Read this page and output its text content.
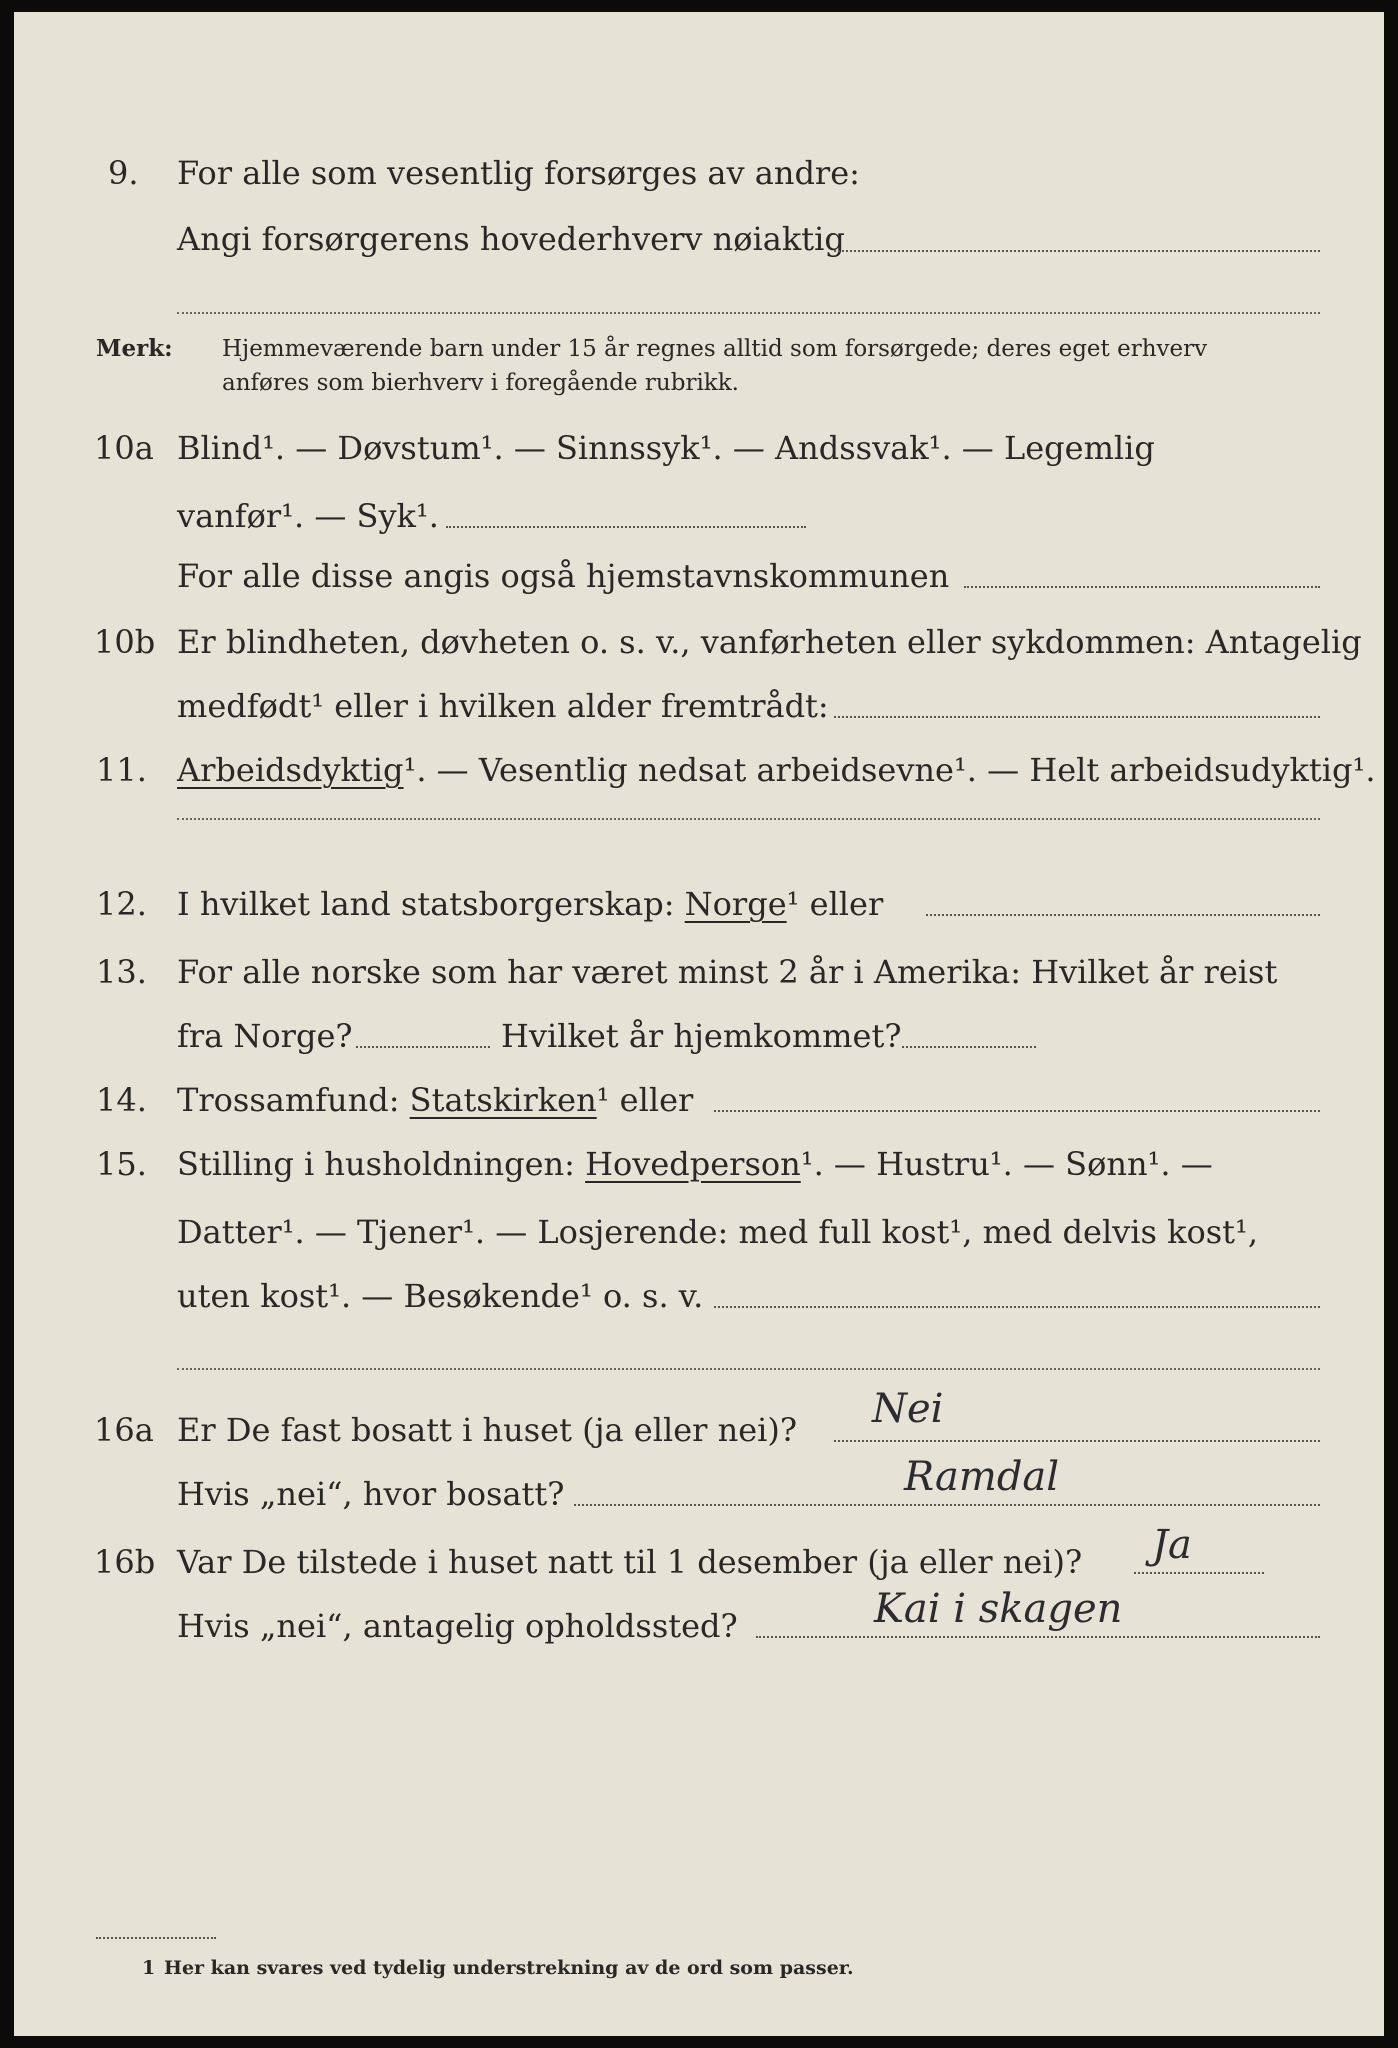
9. For alle som vesentlig forsørges av andre:
Angi forsørgerens hovederhverv nøiaktig
Merk: Hjemmeværende barn under 15 år regnes alltid som forsørgede; deres eget erhverv
anføres som bierhverv i foregående rubrikk.
10a Blind¹. — Døvstum¹. — Sinnssyk¹. — Andssvak¹. — Legemlig
vanfør¹. — Syk¹.
For alle disse angis også hjemstavnskommunen
10b Er blindheten, døvheten o. s. v., vanførheten eller sykdommen: Antagelig
medfødt¹ eller i hvilken alder fremtrådt:
11. Arbeidsdyktig¹. — Vesentlig nedsat arbeidsevne¹. — Helt arbeidsudyktig¹.
12. I hvilket land statsborgerskap: Norge¹ eller
13. For alle norske som har været minst 2 år i Amerika: Hvilket år reist
fra Norge?	Hvilket år hjemkommet?
14. Trossamfund: Statskirken¹ eller
15. Stilling i husholdningen: Hovedperson¹. — Hustru¹. — Sønn¹. —
Datter¹. — Tjener¹. — Losjerende: med full kost¹, med delvis kost¹,
uten kost¹. — Besøkende¹ o. s. v.
16a Er De fast bosatt i huset (ja eller nei)? Nei
Hvis „nei“, hvor bosatt?	Ramdal
16b Var De tilstede i huset natt til 1 desember (ja eller nei)? Ja
Hvis „nei“, antagelig opholdssted?	Kai i skagen
1 Her kan svares ved tydelig understrekning av de ord som passer.
